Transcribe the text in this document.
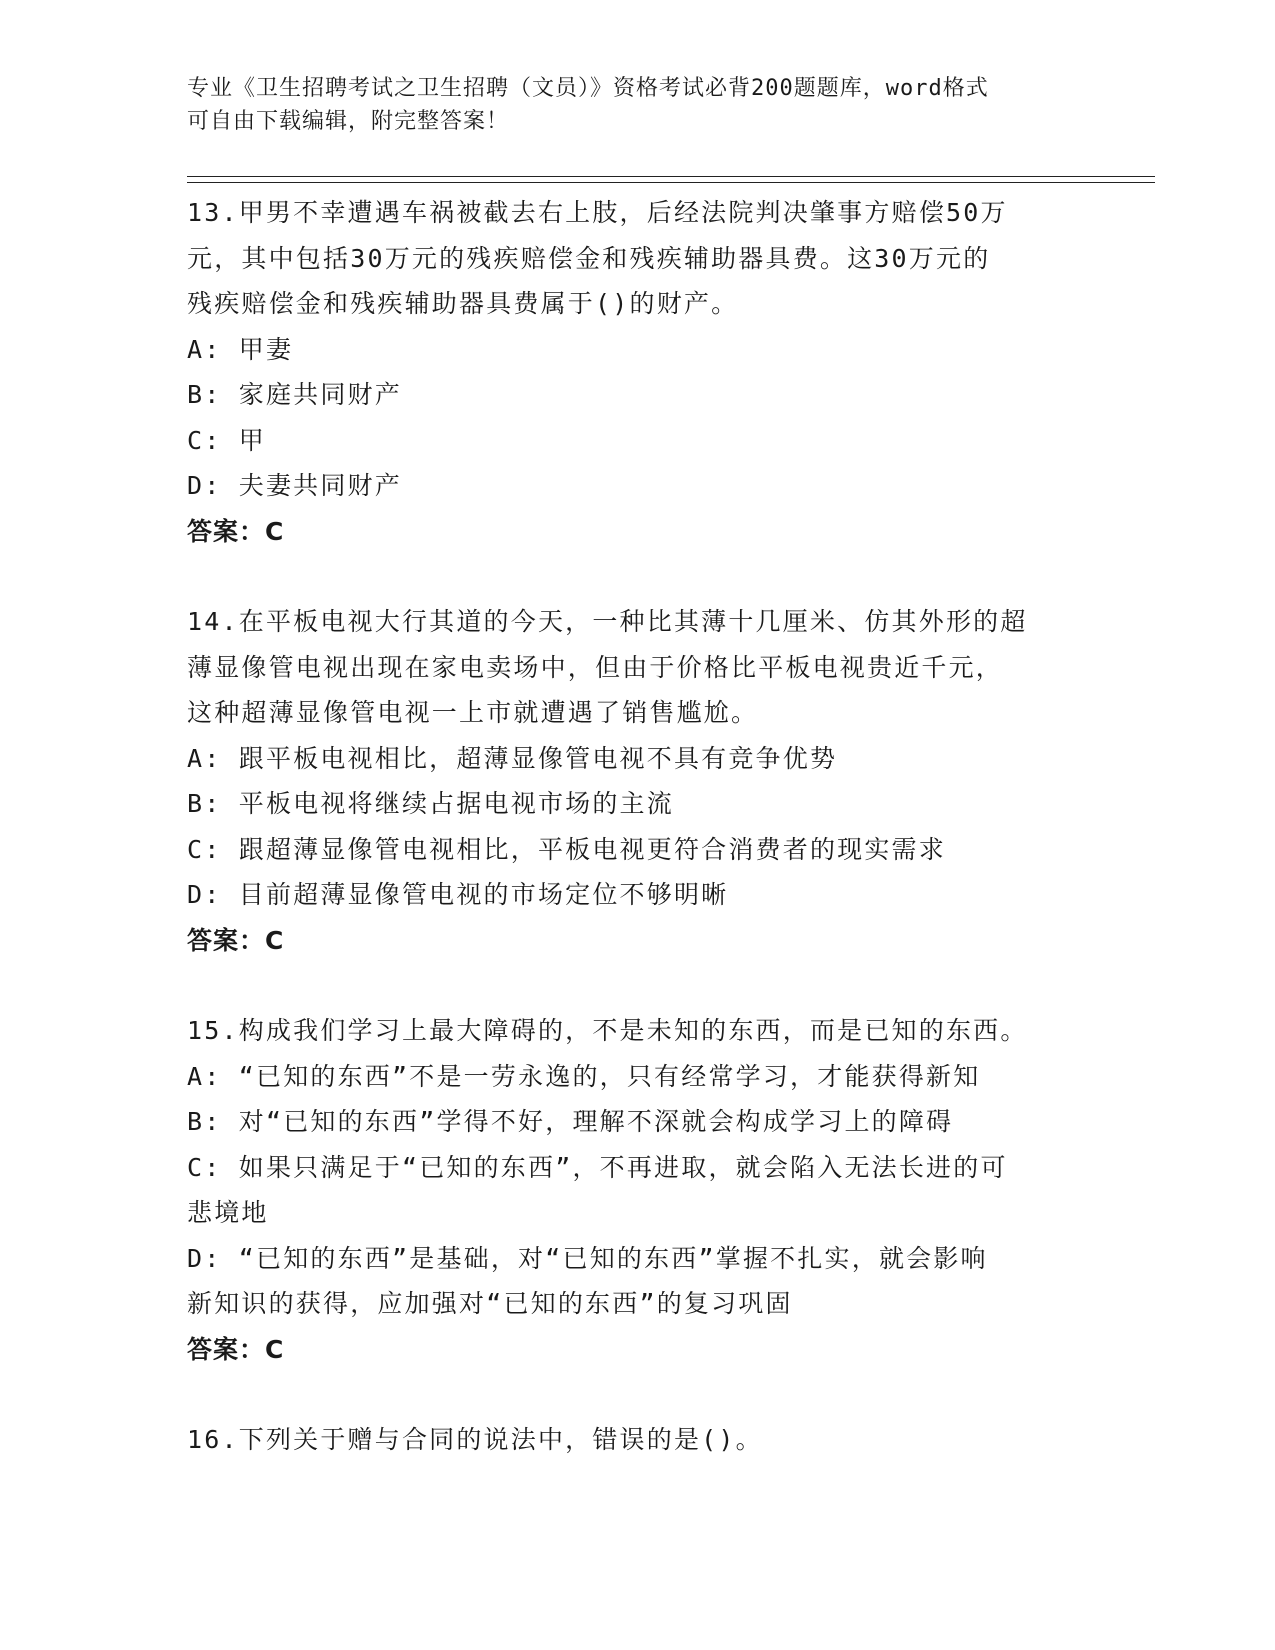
专业《卫生招聘考试之卫生招聘（文员）》资格考试必背200题题库，word格式
可自由下载编辑，附完整答案！
13.甲男不幸遭遇车祸被截去右上肢，后经法院判决肇事方赔偿50万
元，其中包括30万元的残疾赔偿金和残疾辅助器具费。这30万元的
残疾赔偿金和残疾辅助器具费属于()的财产。
A: 甲妻
B: 家庭共同财产
C: 甲
D: 夫妻共同财产
答案：C
14.在平板电视大行其道的今天，一种比其薄十几厘米、仿其外形的超
薄显像管电视出现在家电卖场中，但由于价格比平板电视贵近千元，
这种超薄显像管电视一上市就遭遇了销售尴尬。
A: 跟平板电视相比，超薄显像管电视不具有竞争优势
B: 平板电视将继续占据电视市场的主流
C: 跟超薄显像管电视相比，平板电视更符合消费者的现实需求
D: 目前超薄显像管电视的市场定位不够明晰
答案：C
15.构成我们学习上最大障碍的，不是未知的东西，而是已知的东西。
A: “已知的东西”不是一劳永逸的，只有经常学习，才能获得新知
B: 对“已知的东西”学得不好，理解不深就会构成学习上的障碍
C: 如果只满足于“已知的东西”，不再进取，就会陷入无法长进的可
悲境地
D: “已知的东西”是基础，对“已知的东西”掌握不扎实，就会影响
新知识的获得，应加强对“已知的东西”的复习巩固
答案：C
16.下列关于赠与合同的说法中，错误的是()。
